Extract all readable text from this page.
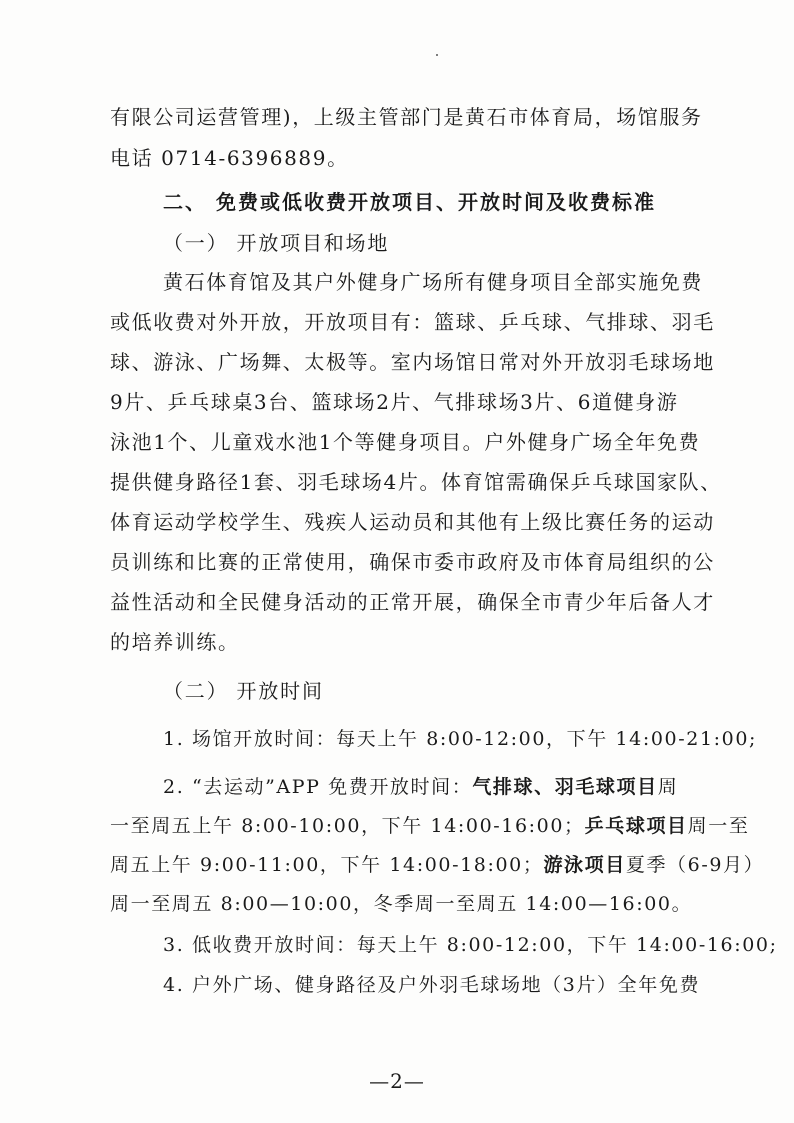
有限公司运营管理)，上级主管部门是黄石市体育局，场馆服务
电话 0714-6396889。
二、 免费或低收费开放项目、开放时间及收费标准
（一） 开放项目和场地
黄石体育馆及其户外健身广场所有健身项目全部实施免费
或低收费对外开放，开放项目有：篮球、乒乓球、气排球、羽毛
球、游泳、广场舞、太极等。室内场馆日常对外开放羽毛球场地
9片、乒乓球桌3台、篮球场2片、气排球场3片、6道健身游
泳池1个、儿童戏水池1个等健身项目。户外健身广场全年免费
提供健身路径1套、羽毛球场4片。体育馆需确保乒乓球国家队、
体育运动学校学生、残疾人运动员和其他有上级比赛任务的运动
员训练和比赛的正常使用，确保市委市政府及市体育局组织的公
益性活动和全民健身活动的正常开展，确保全市青少年后备人才
的培养训练。
（二） 开放时间
1. 场馆开放时间：每天上午 8:00-12:00，下午 14:00-21:00;
2. “去运动”APP 免费开放时间：气排球、羽毛球项目周
一至周五上午 8:00-10:00，下午 14:00-16:00；乒乓球项目周一至
周五上午 9:00-11:00，下午 14:00-18:00；游泳项目夏季（6-9月）
周一至周五 8:00—10:00，冬季周一至周五 14:00—16:00。
3. 低收费开放时间：每天上午 8:00-12:00，下午 14:00-16:00;
4. 户外广场、健身路径及户外羽毛球场地（3片）全年免费
—2—
